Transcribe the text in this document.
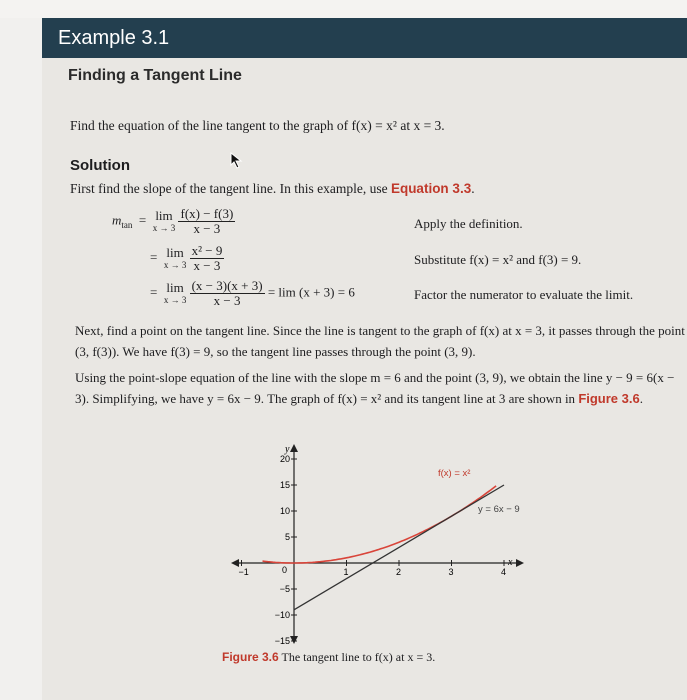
Example 3.1
Finding a Tangent Line
Find the equation of the line tangent to the graph of f(x) = x² at x = 3.
Solution
First find the slope of the tangent line. In this example, use Equation 3.3.
$m_{tan} = \lim$
x → 3
$\frac{f(x) - f(3)}{x - 3}$	Apply the definition.
= lim
x → 3
$\frac{\text{x² − 9}}{x - 3}$	Substitute f(x) = x² and f(3) = 9.
= lim
x → 3
$\frac{(x - 3)(x + 3)}{x - 3} = \lim (x + 3) = 6$	Factor the numerator to evaluate the limit.
Next, find a point on the tangent line. Since the line is tangent to the graph of f(x) at x = 3, it passes through the point (3, f(3)). We have f(3) = 9, so the tangent line passes through the point (3, 9).
Using the point-slope equation of the line with the slope m = 6 and the point (3, 9), we obtain the line y − 9 = 6(x − 3). Simplifying, we have y = 6x − 9. The graph of f(x) = x² and its tangent line at 3 are shown in Figure 3.6.
−1	0	1	2	3	4
20
15
10
5
−5
−10
−15
y
x
f(x) = x²
y = 6x − 9
Figure 3.6 The tangent line to f(x) at x = 3.
